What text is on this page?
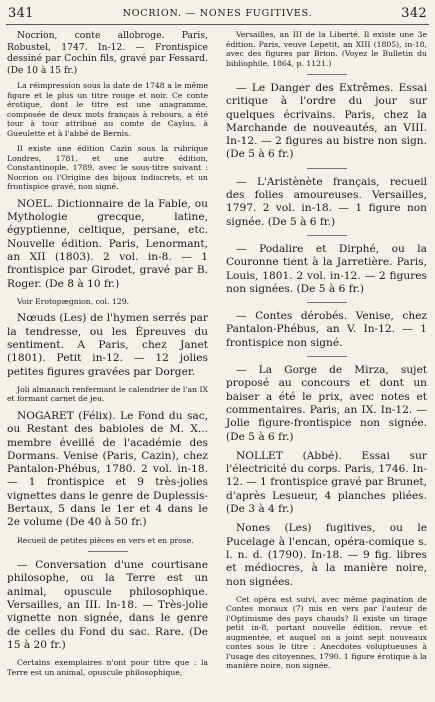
341	NOCRION. — NONES FUGITIVES.	342

Nocrion, conte allobroge. Paris, Robustel, 1747. In-12. — Frontispice dessiné par Cochin fils, gravé par Fessard. (De 10 à 15 fr.)

La réimpression sous la date de 1748 a le même figure et le plus un titre rouge et noir. Ce conte érotique, dont le titre est une anagramme, composée de deux mots français à rebours, a été tour à tour attribué au comte de Caylus, à Gueulette et à l'abbé de Bernis.

Il existe une édition Cazin sous la rubrique Londres, 1781, et une autre édition, Constantinople, 1789, avec le sous-titre suivant : Nocrion ou l'Origine des bijoux indiscrets, et un frontispice gravé, non signé.

NOEL. Dictionnaire de la Fable, ou Mythologie grecque, latine, égyptienne, celtique, persane, etc. Nouvelle édition. Paris, Lenormant, an XII (1803). 2 vol. in-8. — 1 frontispice par Girodet, gravé par B. Roger. (De 8 à 10 fr.)

Voir Erotopægnion, col. 129.

Nœuds (Les) de l'hymen serrés par la tendresse, ou les Épreuves du sentiment. A Paris, chez Janet (1801). Petit in-12. — 12 jolies petites figures gravées par Dorger.

Joli almanach renfermant le calendrier de l'an IX et formant carnet de jeu.

NOGARET (Félix). Le Fond du sac, ou Restant des babioles de M. X... membre éveillé de l'académie des Dormans. Venise (Paris, Cazin), chez Pantalon-Phébus, 1780. 2 vol. in-18. — 1 frontispice et 9 très-jolies vignettes dans le genre de Duplessis-Bertaux, 5 dans le 1er et 4 dans le 2e volume (De 40 à 50 fr.)

Recueil de petites pièces en vers et en prose.

— Conversation d'une courtisane philosophe, ou la Terre est un animal, opuscule philosophique. Versailles, an III. In-18. — Très-jolie vignette non signée, dans le genre de celles du Fond du sac. Rare. (De 15 à 20 fr.)

Certains exemplaires n'ont pour titre que : la Terre est un animal, opuscule philosophique,

Versailles, an III de la Liberté. Il existe une 3e édition. Paris, veuve Lepetit, an XIII (1805), in-18, avec des figures par Brion. (Voyez le Bulletin du bibliophile, 1864, p. 1121.)

— Le Danger des Extrêmes. Essai critique à l'ordre du jour sur quelques écrivains. Paris, chez la Marchande de nouveautés, an VIII. In-12. — 2 figures au bistre non sign. (De 5 à 6 fr.)

— L'Aristènète français, recueil des folies amoureuses. Versailles, 1797. 2 vol. in-18. — 1 figure non signée. (De 5 à 6 fr.)

— Podalire et Dirphé, ou la Couronne tient à la Jarretière. Paris, Louis, 1801. 2 vol. in-12. — 2 figures non signées. (De 5 à 6 fr.)

— Contes dérobés. Venise, chez Pantalon-Phébus, an V. In-12. — 1 frontispice non signé.

— La Gorge de Mirza, sujet proposé au concours et dont un baiser a été le prix, avec notes et commentaires. Paris, an IX. In-12. — Jolie figure-frontispice non signée. (De 5 à 6 fr.)

NOLLET (Abbé). Essai sur l'électricité du corps. Paris, 1746. In-12. — 1 frontispice gravé par Brunet, d'après Lesueur, 4 planches pliées. (De 3 à 4 fr.)

Nones (Les) fugitives, ou le Pucelage à l'encan, opéra-comique s. l. n. d. (1790). In-18. — 9 fig. libres et médiocres, à la manière noire, non signées.

Cet opéra est suivi, avec même pagination de Contes moraux (7) mis en vers par l'auteur de l'Optimisme des pays chauds? Il existe un tirage petit in-8, portant nouvelle édition, revue et augmentée, et auquel on a joint sept nouveaux contes sous le titre : Anecdotes voluptueuses à l'usage des citoyennes, 1790. 1 figure érotique à la manière noire, non signée.
